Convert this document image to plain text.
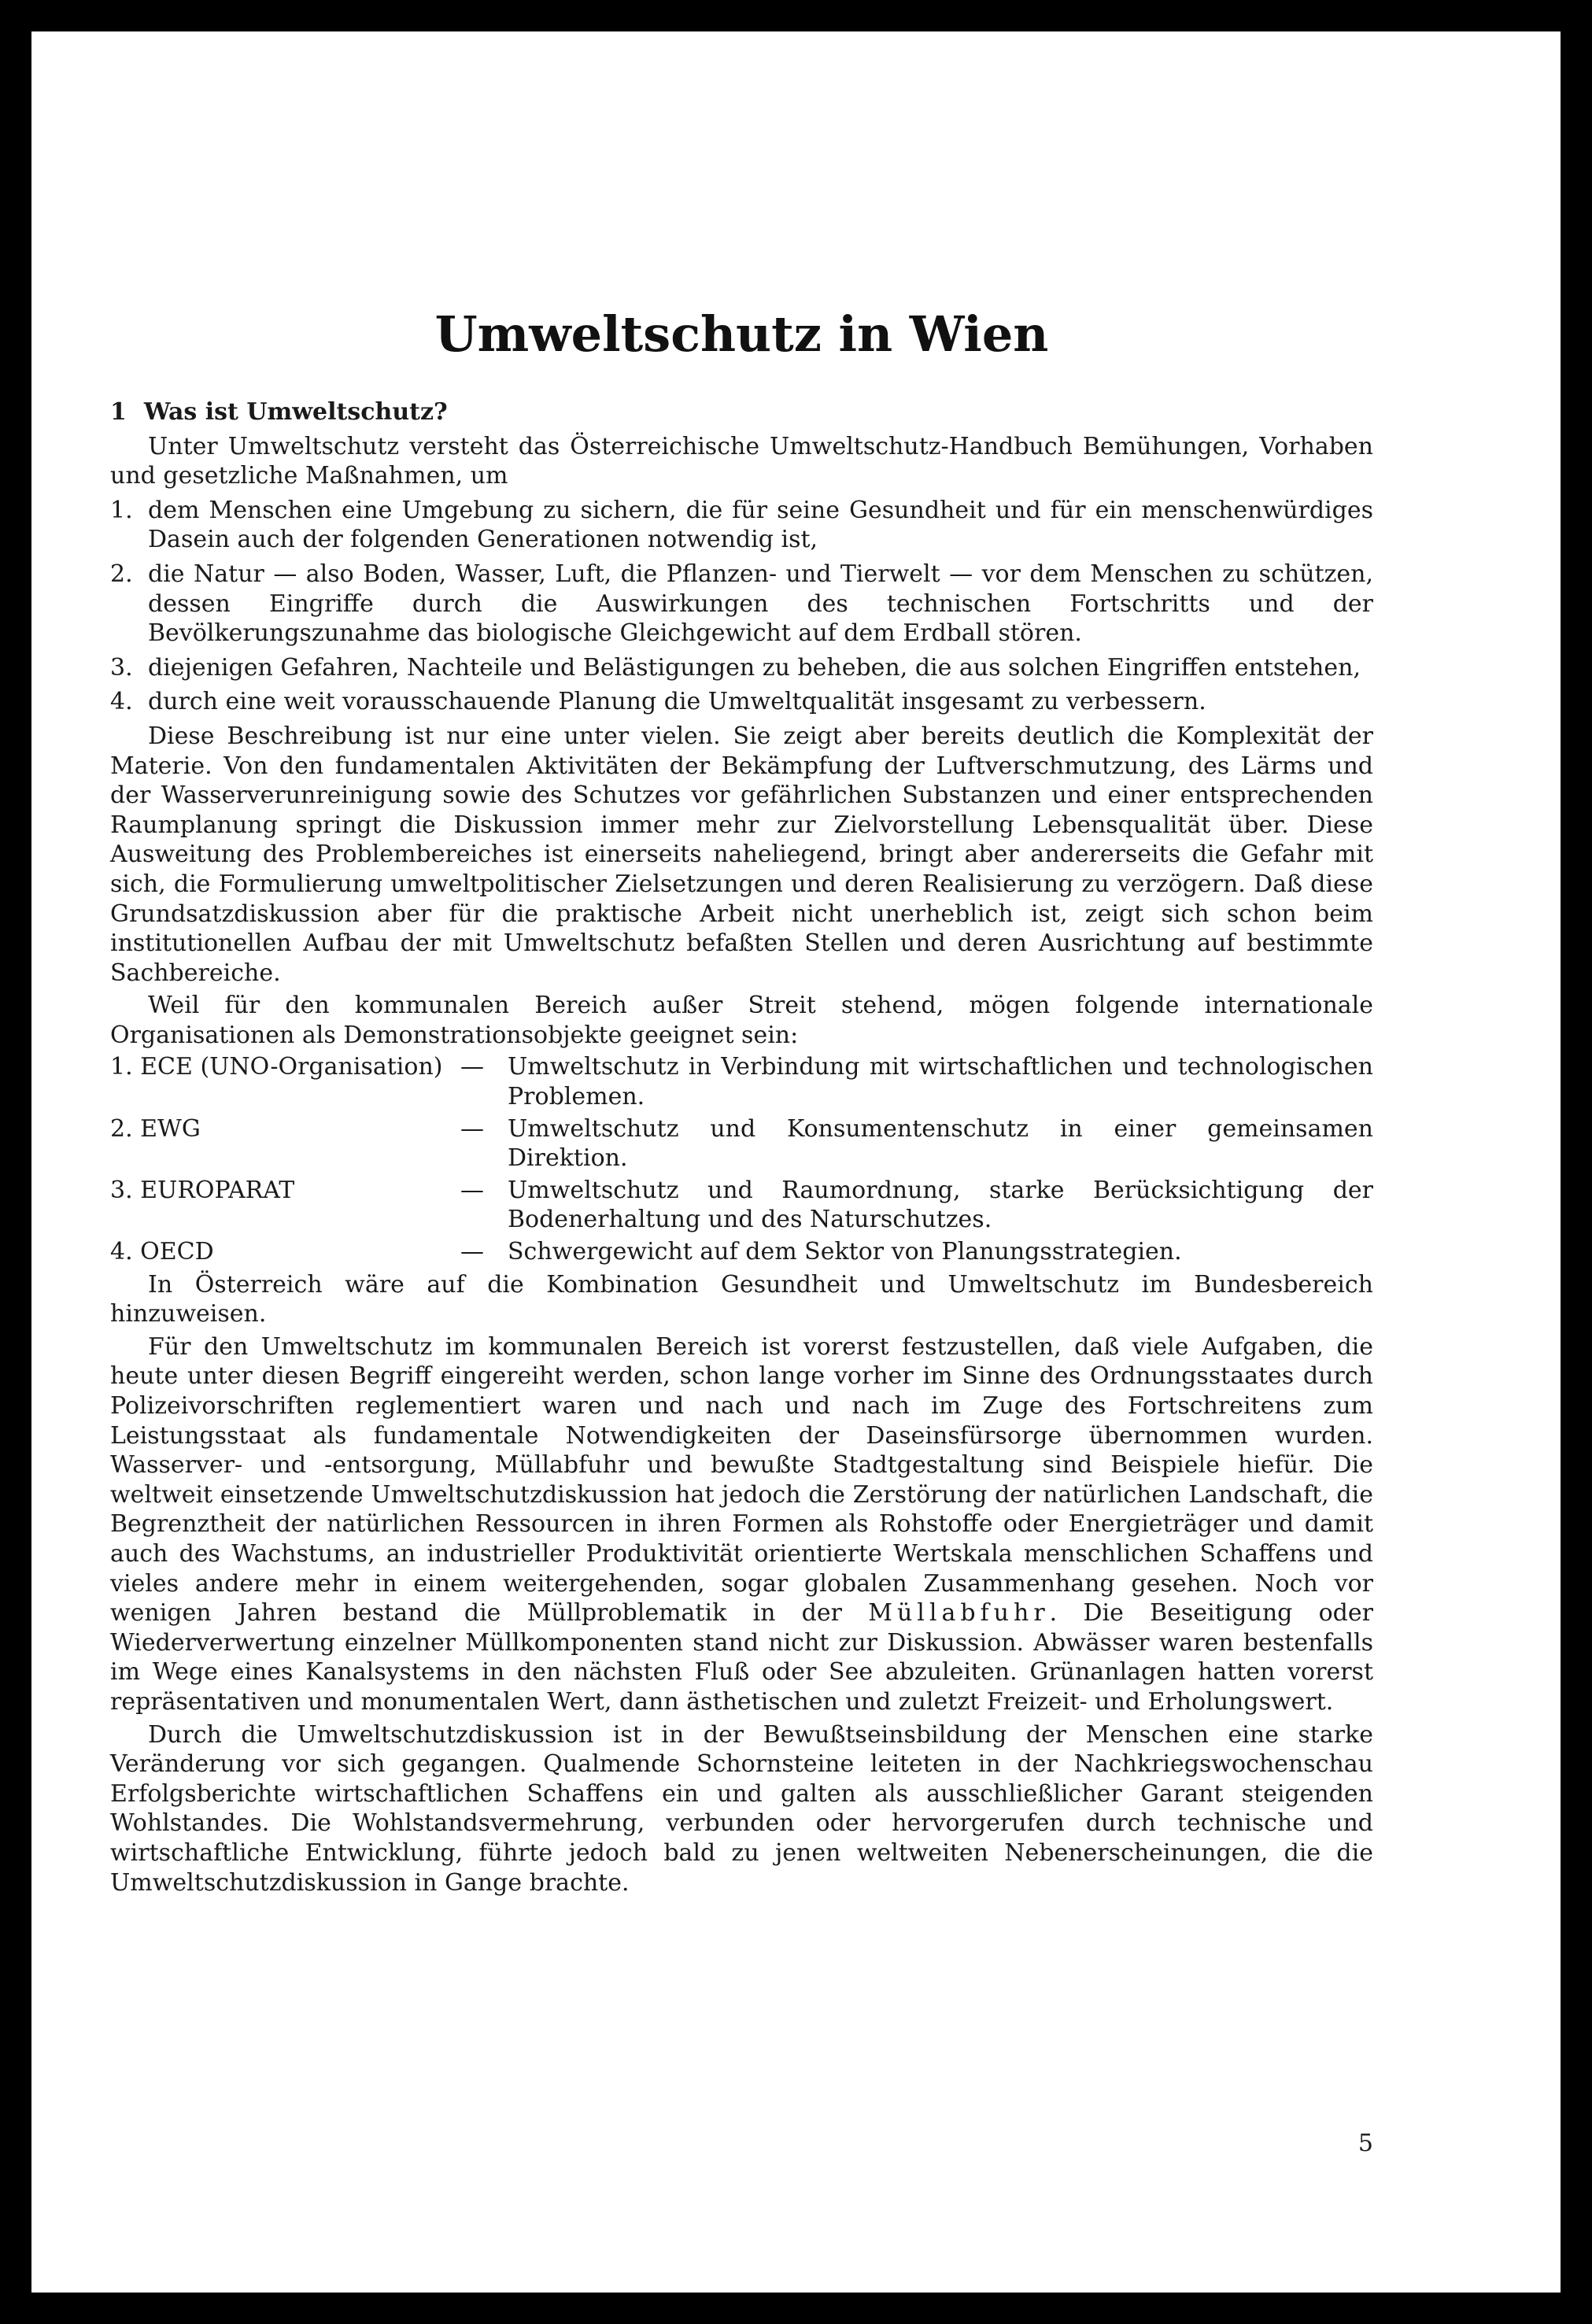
Umweltschutz in Wien
1 Was ist Umweltschutz?

Unter Umweltschutz versteht das Österreichische Umweltschutz-Handbuch Bemühungen, Vorhaben und gesetzliche Maßnahmen, um

1. dem Menschen eine Umgebung zu sichern, die für seine Gesundheit und für ein menschenwürdiges Dasein auch der folgenden Generationen notwendig ist,
2. die Natur — also Boden, Wasser, Luft, die Pflanzen- und Tierwelt — vor dem Menschen zu schützen, dessen Eingriffe durch die Auswirkungen des technischen Fortschritts und der Bevölkerungszunahme das biologische Gleichgewicht auf dem Erdball stören.
3. diejenigen Gefahren, Nachteile und Belästigungen zu beheben, die aus solchen Eingriffen entstehen,
4. durch eine weit vorausschauende Planung die Umweltqualität insgesamt zu verbessern.

Diese Beschreibung ist nur eine unter vielen. Sie zeigt aber bereits deutlich die Komplexität der Materie. Von den fundamentalen Aktivitäten der Bekämpfung der Luftverschmutzung, des Lärms und der Wasserverunreinigung sowie des Schutzes vor gefährlichen Substanzen und einer entsprechenden Raumplanung springt die Diskussion immer mehr zur Zielvorstellung Lebensqualität über. Diese Ausweitung des Problembereiches ist einerseits naheliegend, bringt aber andererseits die Gefahr mit sich, die Formulierung umweltpolitischer Zielsetzungen und deren Realisierung zu verzögern. Daß diese Grundsatzdiskussion aber für die praktische Arbeit nicht unerheblich ist, zeigt sich schon beim institutionellen Aufbau der mit Umweltschutz befaßten Stellen und deren Ausrichtung auf bestimmte Sachbereiche.

Weil für den kommunalen Bereich außer Streit stehend, mögen folgende internationale Organisationen als Demonstrationsobjekte geeignet sein:

1. ECE (UNO-Organisation) —	Umweltschutz in Verbindung mit wirtschaftlichen und technologischen Problemen.
2. EWG	—	Umweltschutz und Konsumentenschutz in einer gemeinsamen Direktion.
3. EUROPARAT	—	Umweltschutz und Raumordnung, starke Berücksichtigung der Bodenerhaltung und des Naturschutzes.
4. OECD	—	Schwergewicht auf dem Sektor von Planungsstrategien.

In Österreich wäre auf die Kombination Gesundheit und Umweltschutz im Bundesbereich hinzuweisen.

Für den Umweltschutz im kommunalen Bereich ist vorerst festzustellen, daß viele Aufgaben, die heute unter diesen Begriff eingereiht werden, schon lange vorher im Sinne des Ordnungsstaates durch Polizeivorschriften reglementiert waren und nach und nach im Zuge des Fortschreitens zum Leistungsstaat als fundamentale Notwendigkeiten der Daseinsfürsorge übernommen wurden. Wasserver- und -entsorgung, Müllabfuhr und bewußte Stadtgestaltung sind Beispiele hiefür. Die weltweit einsetzende Umweltschutzdiskussion hat jedoch die Zerstörung der natürlichen Landschaft, die Begrenztheit der natürlichen Ressourcen in ihren Formen als Rohstoffe oder Energieträger und damit auch des Wachstums, an industrieller Produktivität orientierte Wertskala menschlichen Schaffens und vieles andere mehr in einem weitergehenden, sogar globalen Zusammenhang gesehen. Noch vor wenigen Jahren bestand die Müllproblematik in der Müllabfuhr. Die Beseitigung oder Wiederverwertung einzelner Müllkomponenten stand nicht zur Diskussion. Abwässer waren bestenfalls im Wege eines Kanalsystems in den nächsten Fluß oder See abzuleiten. Grünanlagen hatten vorerst repräsentativen und monumentalen Wert, dann ästhetischen und zuletzt Freizeit- und Erholungswert.

Durch die Umweltschutzdiskussion ist in der Bewußtseinsbildung der Menschen eine starke Veränderung vor sich gegangen. Qualmende Schornsteine leiteten in der Nachkriegswochenschau Erfolgsberichte wirtschaftlichen Schaffens ein und galten als ausschließlicher Garant steigenden Wohlstandes. Die Wohlstandsvermehrung, verbunden oder hervorgerufen durch technische und wirtschaftliche Entwicklung, führte jedoch bald zu jenen weltweiten Nebenerscheinungen, die die Umweltschutzdiskussion in Gange brachte.

5
